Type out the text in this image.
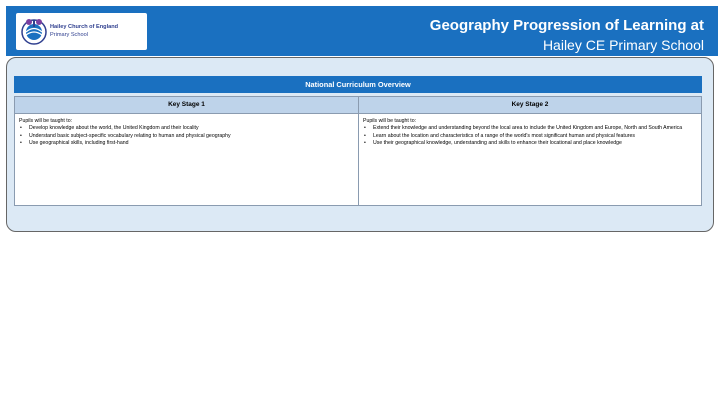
Hailey Church of England
Primary School
Geography Progression of Learning at
Hailey CE Primary School
National Curriculum Overview
Key Stage 1
Pupils will be taught to:
• Develop knowledge about the world, the United Kingdom and their locality
• Understand basic subject-specific vocabulary relating to human and physical geography
• Use geographical skills, including first-hand
Key Stage 2
Pupils will be taught to:
• Extend their knowledge and understanding beyond the local area to include the United Kingdom and Europe, North and South America
• Learn about the location and characteristics of a range of the world's most significant human and physical features
• Use their geographical knowledge, understanding and skills to enhance their locational and place knowledge
